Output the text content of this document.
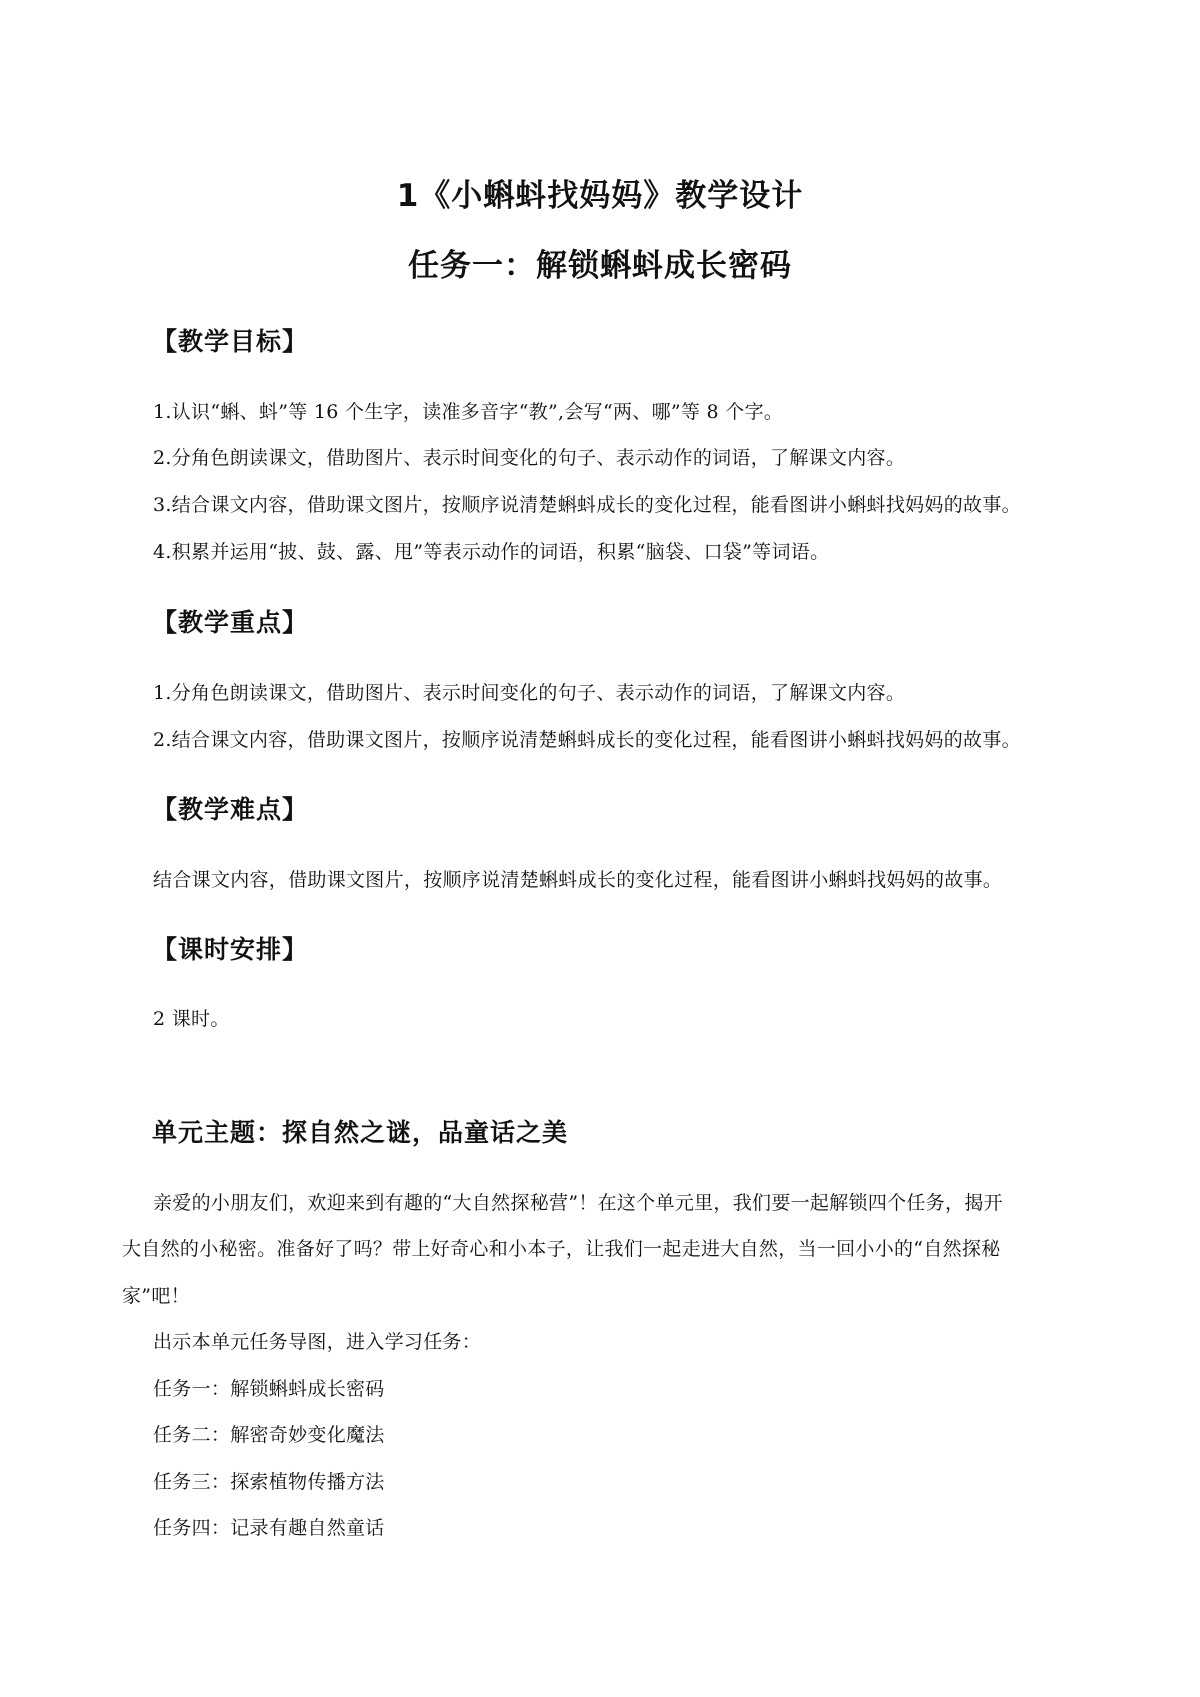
1《小蝌蚪找妈妈》教学设计
任务一：解锁蝌蚪成长密码
【教学目标】
1.认识“蝌、蚪”等 16 个生字，读准多音字“教”,会写“两、哪”等 8 个字。
2.分角色朗读课文，借助图片、表示时间变化的句子、表示动作的词语，了解课文内容。
3.结合课文内容，借助课文图片，按顺序说清楚蝌蚪成长的变化过程，能看图讲小蝌蚪找妈妈的故事。
4.积累并运用“披、鼓、露、甩”等表示动作的词语，积累“脑袋、口袋”等词语。
【教学重点】
1.分角色朗读课文，借助图片、表示时间变化的句子、表示动作的词语，了解课文内容。
2.结合课文内容，借助课文图片，按顺序说清楚蝌蚪成长的变化过程，能看图讲小蝌蚪找妈妈的故事。
【教学难点】
结合课文内容，借助课文图片，按顺序说清楚蝌蚪成长的变化过程，能看图讲小蝌蚪找妈妈的故事。
【课时安排】
2 课时。
单元主题：探自然之谜，品童话之美
亲爱的小朋友们，欢迎来到有趣的“大自然探秘营”！在这个单元里，我们要一起解锁四个任务，揭开
大自然的小秘密。准备好了吗？带上好奇心和小本子，让我们一起走进大自然，当一回小小的“自然探秘
家”吧！
出示本单元任务导图，进入学习任务：
任务一：解锁蝌蚪成长密码
任务二：解密奇妙变化魔法
任务三：探索植物传播方法
任务四：记录有趣自然童话
